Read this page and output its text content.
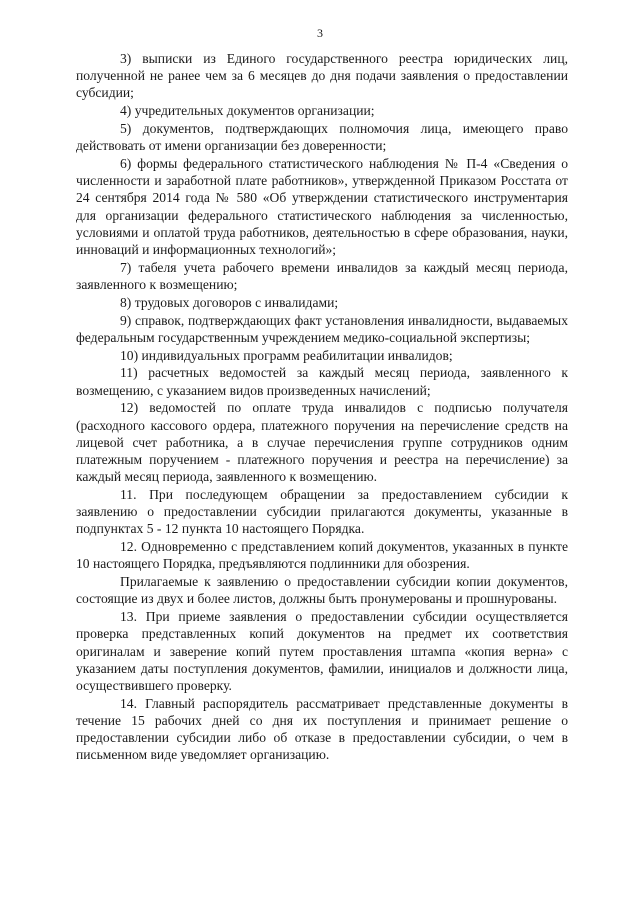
3

3) выписки из Единого государственного реестра юридических лиц, полученной не ранее чем за 6 месяцев до дня подачи заявления о предоставлении субсидии;

4) учредительных документов организации;

5) документов, подтверждающих полномочия лица, имеющего право действовать от имени организации без доверенности;

6) формы федерального статистического наблюдения № П-4 «Сведения о численности и заработной плате работников», утвержденной Приказом Росстата от 24 сентября 2014 года № 580 «Об утверждении статистического инструментария для организации федерального статистического наблюдения за численностью, условиями и оплатой труда работников, деятельностью в сфере образования, науки, инноваций и информационных технологий»;

7) табеля учета рабочего времени инвалидов за каждый месяц периода, заявленного к возмещению;

8) трудовых договоров с инвалидами;

9) справок, подтверждающих факт установления инвалидности, выдаваемых федеральным государственным учреждением медико-социальной экспертизы;

10) индивидуальных программ реабилитации инвалидов;

11) расчетных ведомостей за каждый месяц периода, заявленного к возмещению, с указанием видов произведенных начислений;

12) ведомостей по оплате труда инвалидов с подписью получателя (расходного кассового ордера, платежного поручения на перечисление средств на лицевой счет работника, а в случае перечисления группе сотрудников одним платежным поручением - платежного поручения и реестра на перечисление) за каждый месяц периода, заявленного к возмещению.

11. При последующем обращении за предоставлением субсидии к заявлению о предоставлении субсидии прилагаются документы, указанные в подпунктах 5 - 12 пункта 10 настоящего Порядка.

12. Одновременно с представлением копий документов, указанных в пункте 10 настоящего Порядка, предъявляются подлинники для обозрения.

Прилагаемые к заявлению о предоставлении субсидии копии документов, состоящие из двух и более листов, должны быть пронумерованы и прошнурованы.

13. При приеме заявления о предоставлении субсидии осуществляется проверка представленных копий документов на предмет их соответствия оригиналам и заверение копий путем проставления штампа «копия верна» с указанием даты поступления документов, фамилии, инициалов и должности лица, осуществившего проверку.

14. Главный распорядитель рассматривает представленные документы в течение 15 рабочих дней со дня их поступления и принимает решение о предоставлении субсидии либо об отказе в предоставлении субсидии, о чем в письменном виде уведомляет организацию.
